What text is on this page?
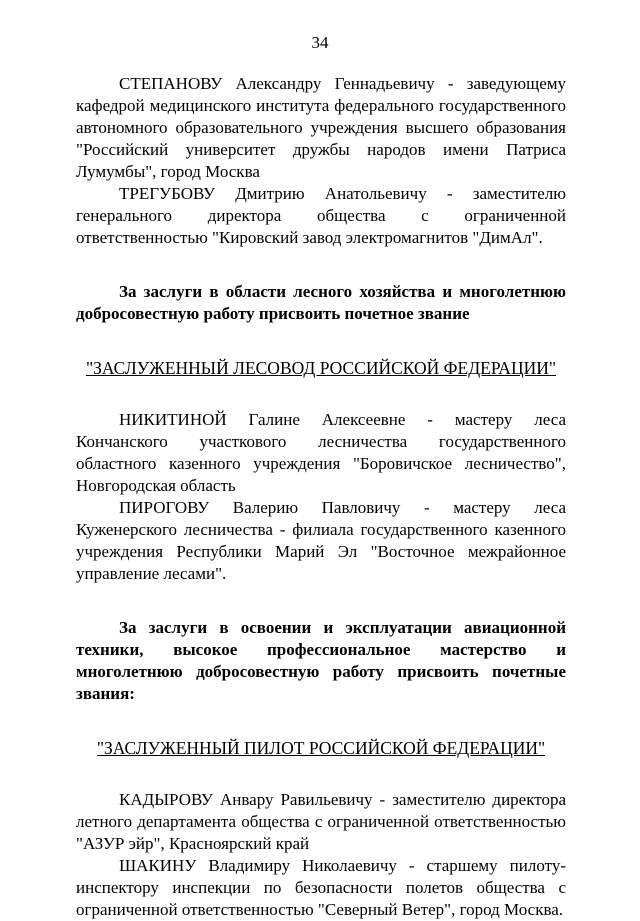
34

СТЕПАНОВУ Александру Геннадьевичу - заведующему кафедрой медицинского института федерального государственного автономного образовательного учреждения высшего образования "Российский университет дружбы народов имени Патриса Лумумбы", город Москва

ТРЕГУБОВУ Дмитрию Анатольевичу - заместителю генерального директора общества с ограниченной ответственностью "Кировский завод электромагнитов "ДимАл".

За заслуги в области лесного хозяйства и многолетнюю добросовестную работу присвоить почетное звание

"ЗАСЛУЖЕННЫЙ ЛЕСОВОД РОССИЙСКОЙ ФЕДЕРАЦИИ"

НИКИТИНОЙ Галине Алексеевне - мастеру леса Кончанского участкового лесничества государственного областного казенного учреждения "Боровичское лесничество", Новгородская область

ПИРОГОВУ Валерию Павловичу - мастеру леса Куженерского лесничества - филиала государственного казенного учреждения Республики Марий Эл "Восточное межрайонное управление лесами".

За заслуги в освоении и эксплуатации авиационной техники, высокое профессиональное мастерство и многолетнюю добросовестную работу присвоить почетные звания:

"ЗАСЛУЖЕННЫЙ ПИЛОТ РОССИЙСКОЙ ФЕДЕРАЦИИ"

КАДЫРОВУ Анвару Равильевичу - заместителю директора летного департамента общества с ограниченной ответственностью "АЗУР эйр", Красноярский край

ШАКИНУ Владимиру Николаевичу - старшему пилоту-инспектору инспекции по безопасности полетов общества с ограниченной ответственностью "Северный Ветер", город Москва.
